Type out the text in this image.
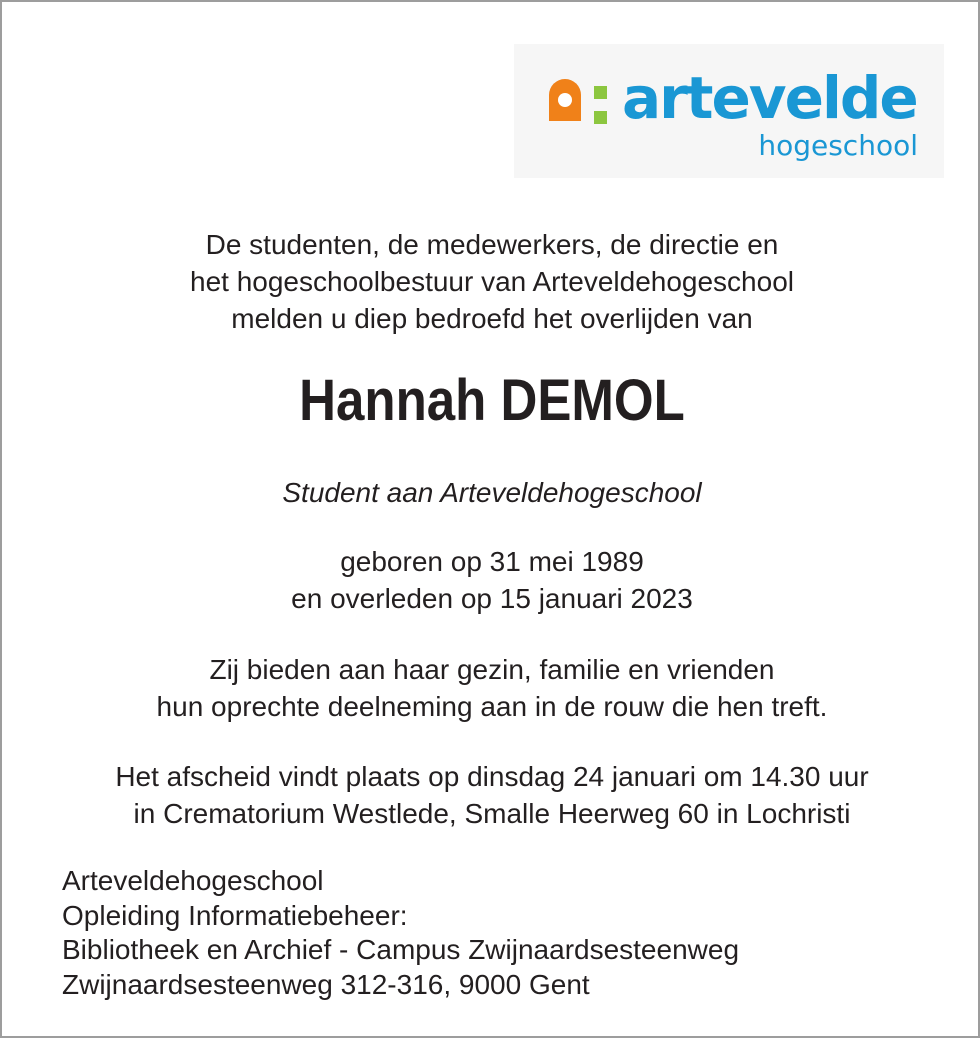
artevelde
hogeschool
De studenten, de medewerkers, de directie en
het hogeschoolbestuur van Arteveldehogeschool
melden u diep bedroefd het overlijden van
Hannah DEMOL
Student aan Arteveldehogeschool
geboren op 31 mei 1989
en overleden op 15 januari 2023
Zij bieden aan haar gezin, familie en vrienden
hun oprechte deelneming aan in de rouw die hen treft.
Het afscheid vindt plaats op dinsdag 24 januari om 14.30 uur
in Crematorium Westlede, Smalle Heerweg 60 in Lochristi
Arteveldehogeschool
Opleiding Informatiebeheer:
Bibliotheek en Archief - Campus Zwijnaardsesteenweg
Zwijnaardsesteenweg 312-316, 9000 Gent
